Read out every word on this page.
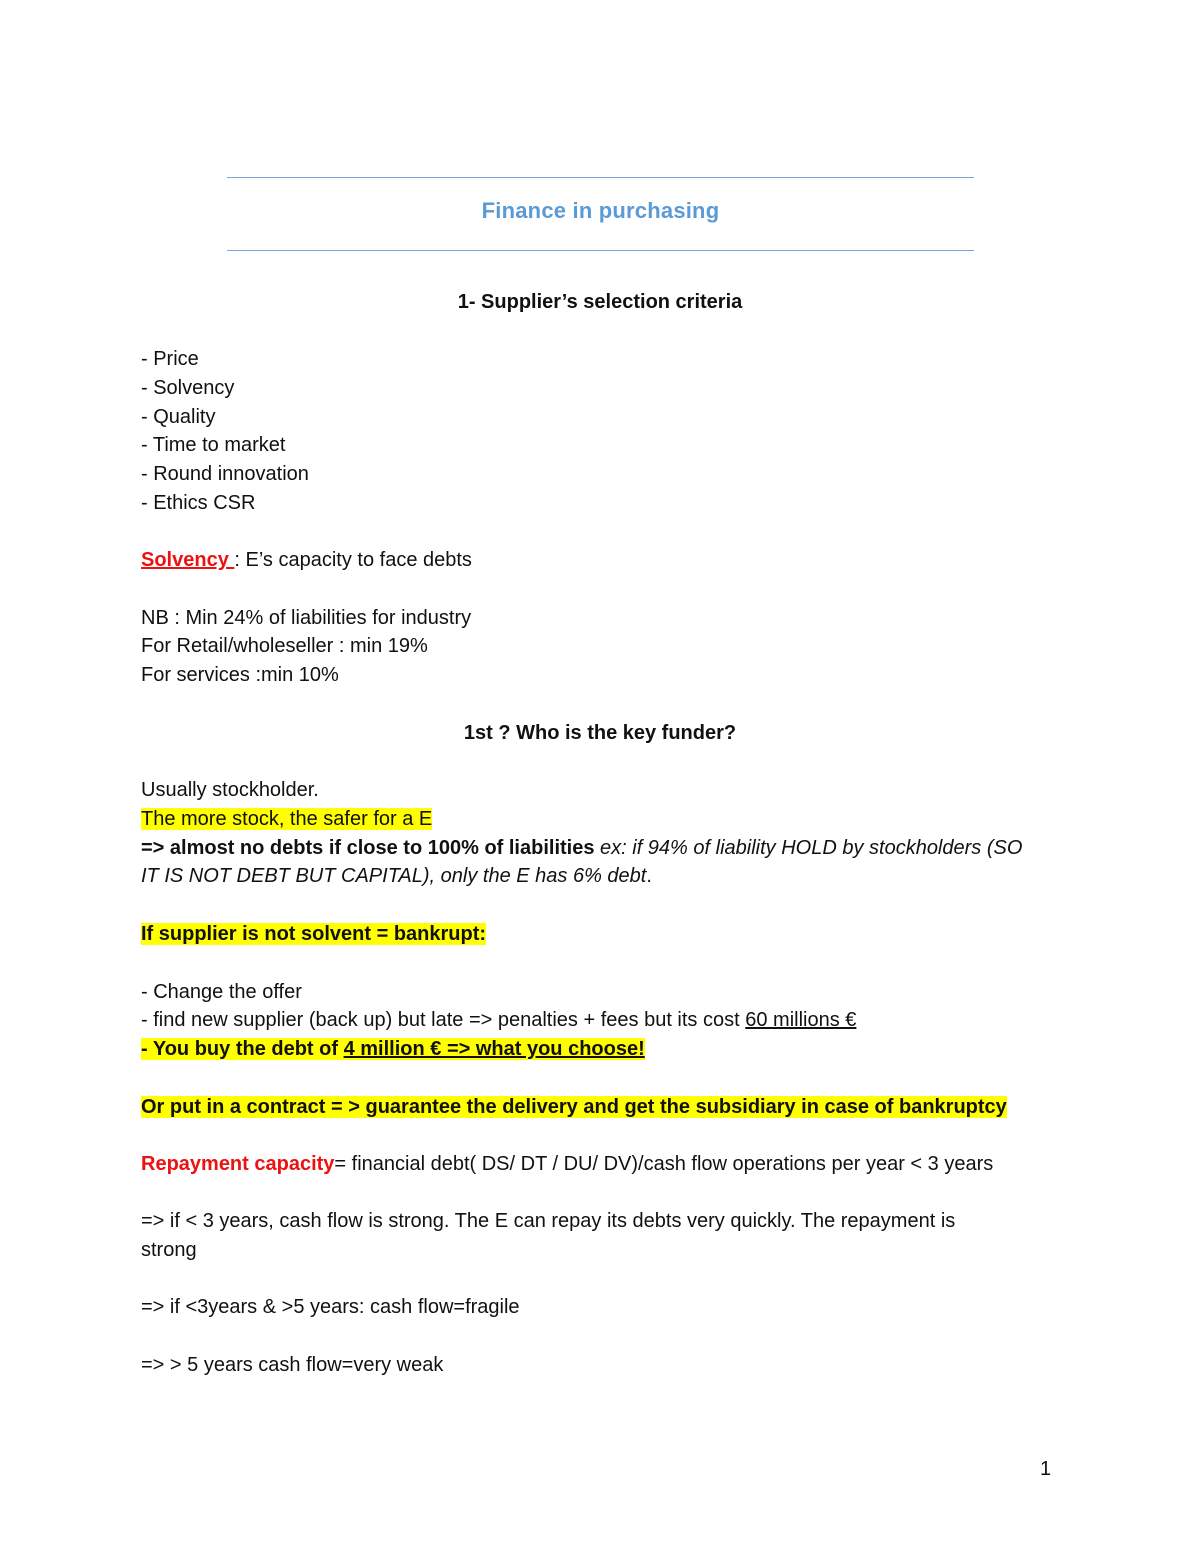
Finance in purchasing
1- Supplier’s selection criteria
- Price
- Solvency
- Quality
- Time to market
- Round innovation
- Ethics CSR
Solvency : E’s capacity to face debts
NB : Min 24% of liabilities for industry
For Retail/wholeseller : min 19%
For services :min 10%
1st ? Who is the key funder?
Usually stockholder.
The more stock, the safer for a E
=> almost no debts if close to 100% of liabilities ex: if 94% of liability HOLD by stockholders (SO
IT IS NOT DEBT BUT CAPITAL), only the E has 6% debt.
If supplier is not solvent = bankrupt:
- Change the offer
- find new supplier (back up) but late => penalties + fees but its cost 60 millions €
- You buy the debt of 4 million € => what you choose!
Or put in a contract = > guarantee the delivery and get the subsidiary in case of bankruptcy
Repayment capacity= financial debt( DS/ DT / DU/ DV)/cash flow operations per year < 3 years
=> if < 3 years, cash flow is strong. The E can repay its debts very quickly. The repayment is
strong
=> if <3years & >5 years: cash flow=fragile
=> > 5 years cash flow=very weak
1
